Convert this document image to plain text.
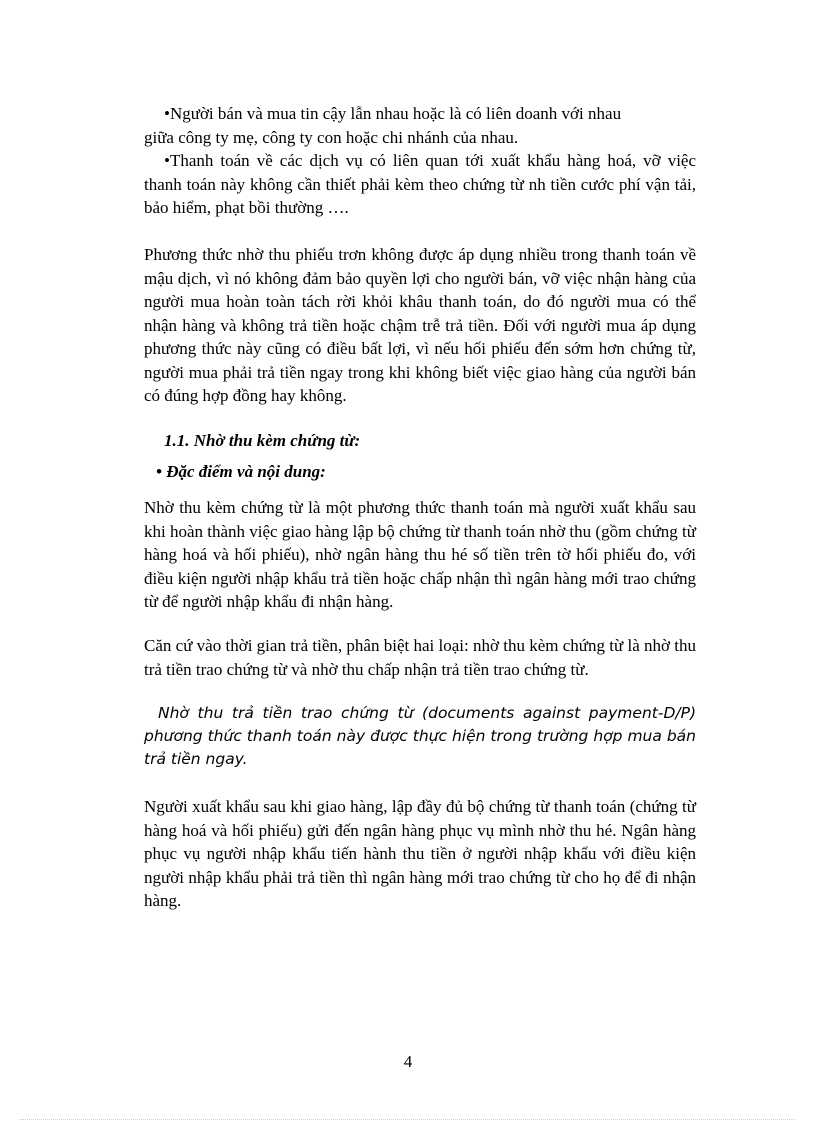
•Người bán và mua tin cậy lẫn nhau hoặc là có liên doanh với nhau
giữa công ty mẹ, công ty con hoặc chi nhánh của nhau.
•Thanh toán về các dịch vụ có liên quan tới xuất khẩu hàng hoá, vỡ việc thanh toán này không cần thiết phải kèm theo chứng từ nh tiền cước phí vận tải, bảo hiểm, phạt bồi thường ….
Phương thức nhờ thu phiếu trơn không được áp dụng nhiều trong thanh toán về mậu dịch, vì nó không đảm bảo quyền lợi cho người bán, vỡ việc nhận hàng của người mua hoàn toàn tách rời khỏi khâu thanh toán, do đó người mua có thể nhận hàng và không trả tiền hoặc chậm trễ trả tiền. Đối với người mua áp dụng phương thức này cũng có điều bất lợi, vì nếu hối phiếu đến sớm hơn chứng từ, người mua phải trả tiền ngay trong khi không biết việc giao hàng của người bán có đúng hợp đồng hay không.
1.1. Nhờ thu kèm chứng từ:
• Đặc điểm và nội dung:
Nhờ thu kèm chứng từ là một phương thức thanh toán mà người xuất khẩu sau khi hoàn thành việc giao hàng lập bộ chứng từ thanh toán nhờ thu (gồm chứng từ hàng hoá và hối phiếu), nhờ ngân hàng thu hé số tiền trên tờ hối phiếu đo, với điều kiện người nhập khẩu trả tiền hoặc chấp nhận thì ngân hàng mới trao chứng từ để người nhập khẩu đi nhận hàng.
Căn cứ vào thời gian trả tiền, phân biệt hai loại: nhờ thu kèm chứng từ là nhờ thu trả tiền trao chứng từ và nhờ thu chấp nhận trả tiền trao chứng từ.
Nhờ thu trả tiền trao chứng từ (documents against payment-D/P) phương thức thanh toán này được thực hiện trong trường hợp mua bán trả tiền ngay.
Người xuất khẩu sau khi giao hàng, lập đầy đủ bộ chứng từ thanh toán (chứng từ hàng hoá và hối phiếu) gửi đến ngân hàng phục vụ mình nhờ thu hé. Ngân hàng phục vụ người nhập khẩu tiến hành thu tiền ở người nhập khẩu với điều kiện người nhập khẩu phải trả tiền thì ngân hàng mới trao chứng từ cho họ để đi nhận hàng.
4
